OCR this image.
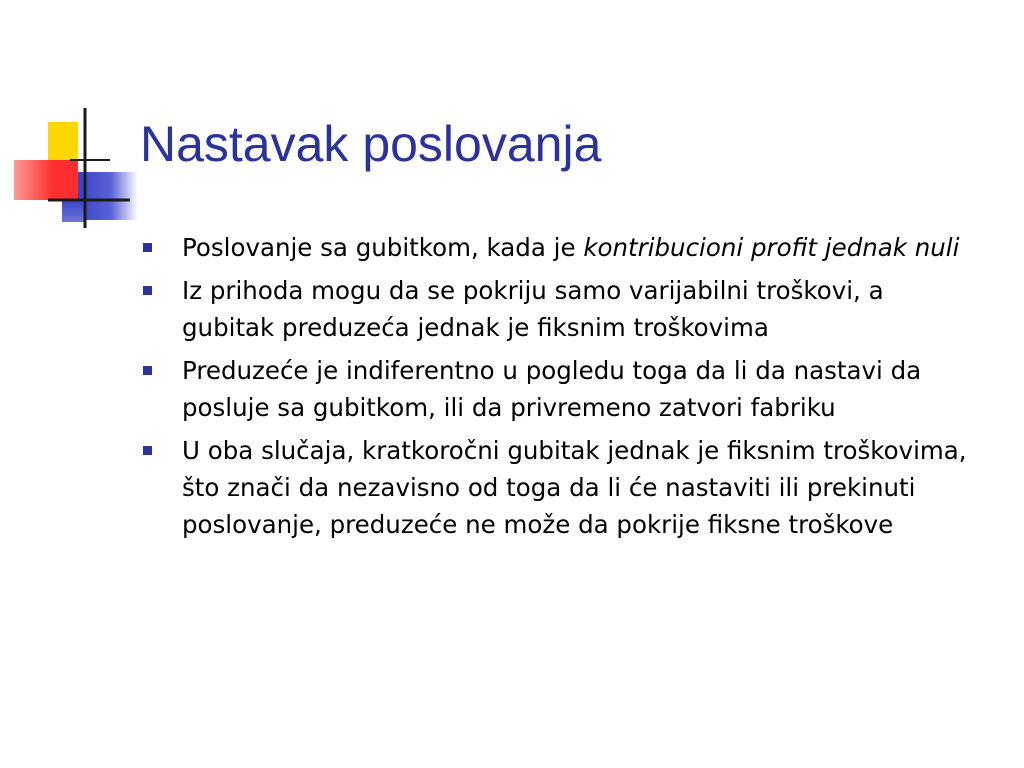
Nastavak poslovanja
Poslovanje sa gubitkom, kada je kontribucioni profit jednak nuli
Iz prihoda mogu da se pokriju samo varijabilni troškovi, a gubitak preduzeća jednak je fiksnim troškovima
Preduzeće je indiferentno u pogledu toga da li da nastavi da posluje sa gubitkom, ili da privremeno zatvori fabriku
U oba slučaja, kratkoročni gubitak jednak je fiksnim troškovima, što znači da nezavisno od toga da li će nastaviti ili prekinuti poslovanje, preduzeće ne može da pokrije fiksne troškove
